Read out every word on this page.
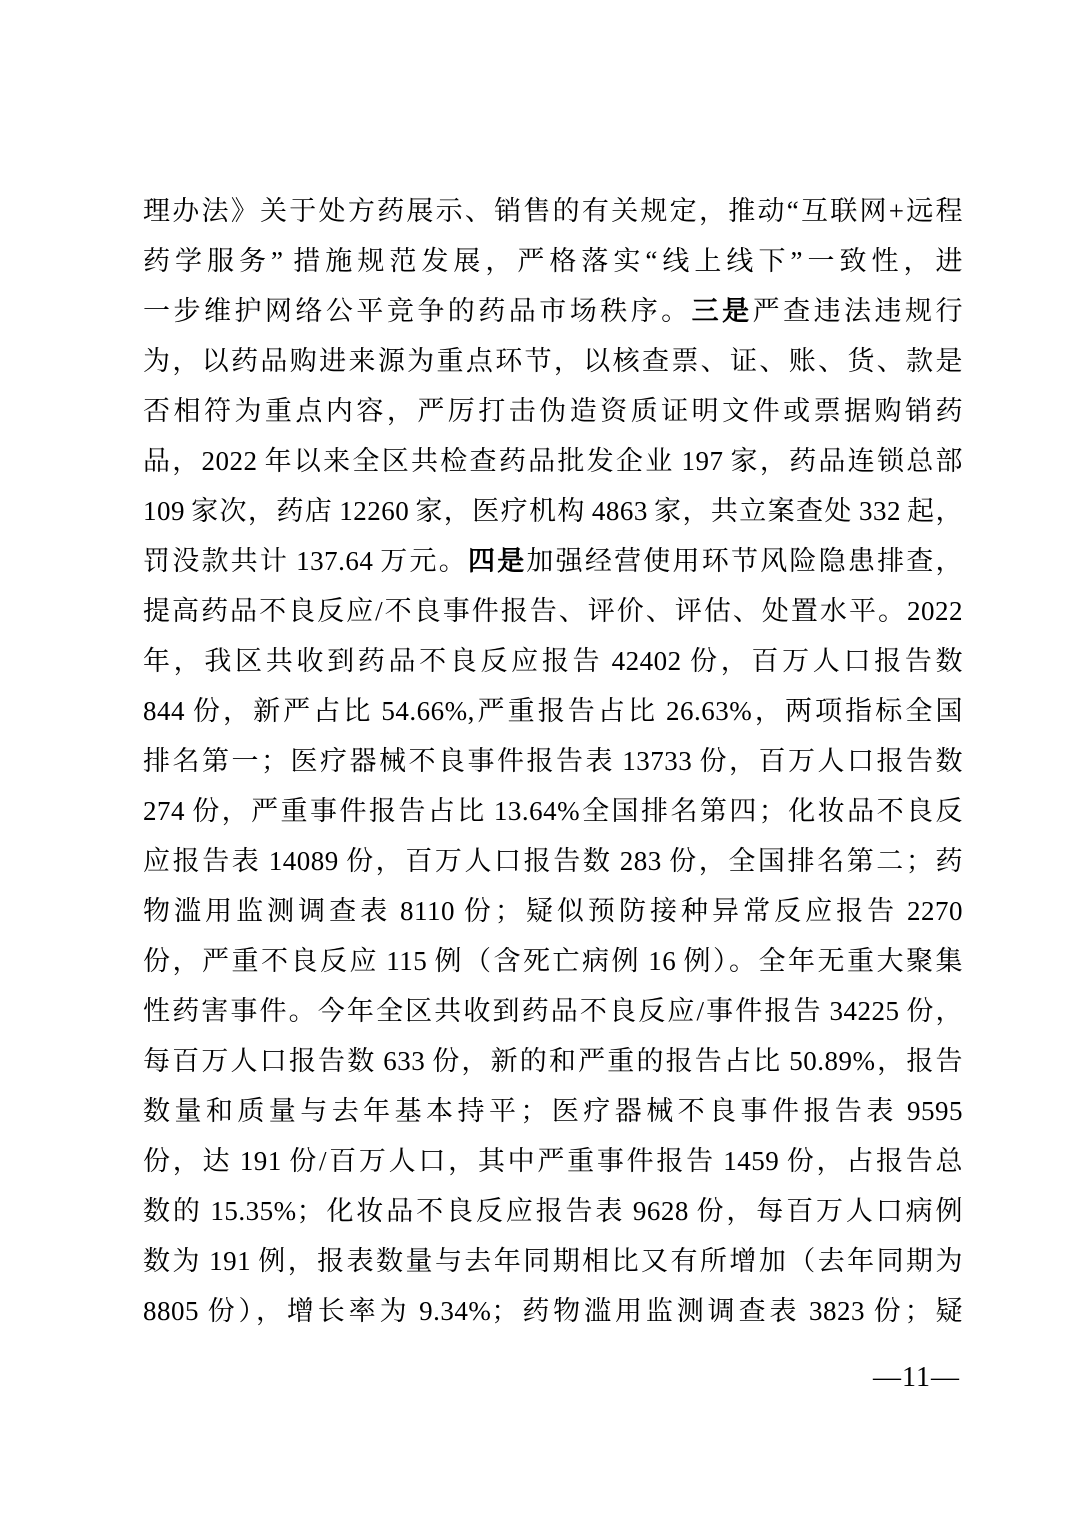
理办法》关于处方药展示、销售的有关规定，推动“互联网+远程
药学服务” 措施规范发展，严格落实“线上线下”一致性，进
一步维护网络公平竞争的药品市场秩序。三是严查违法违规行
为，以药品购进来源为重点环节，以核查票、证、账、货、款是
否相符为重点内容，严厉打击伪造资质证明文件或票据购销药
品，2022 年以来全区共检查药品批发企业 197 家，药品连锁总部
109 家次，药店 12260 家，医疗机构 4863 家，共立案查处 332 起，
罚没款共计 137.64 万元。四是加强经营使用环节风险隐患排查，
提高药品不良反应/不良事件报告、评价、评估、处置水平。2022
年，我区共收到药品不良反应报告 42402 份，百万人口报告数
844 份，新严占比 54.66%,严重报告占比 26.63%，两项指标全国
排名第一；医疗器械不良事件报告表 13733 份，百万人口报告数
274 份，严重事件报告占比 13.64%全国排名第四；化妆品不良反
应报告表 14089 份，百万人口报告数 283 份，全国排名第二；药
物滥用监测调查表 8110 份；疑似预防接种异常反应报告 2270
份，严重不良反应 115 例（含死亡病例 16 例）。全年无重大聚集
性药害事件。今年全区共收到药品不良反应/事件报告 34225 份，
每百万人口报告数 633 份，新的和严重的报告占比 50.89%，报告
数量和质量与去年基本持平；医疗器械不良事件报告表 9595
份，达 191 份/百万人口，其中严重事件报告 1459 份，占报告总
数的 15.35%；化妆品不良反应报告表 9628 份，每百万人口病例
数为 191 例，报表数量与去年同期相比又有所增加（去年同期为
8805 份），增长率为 9.34%；药物滥用监测调查表 3823 份；疑
—11—
